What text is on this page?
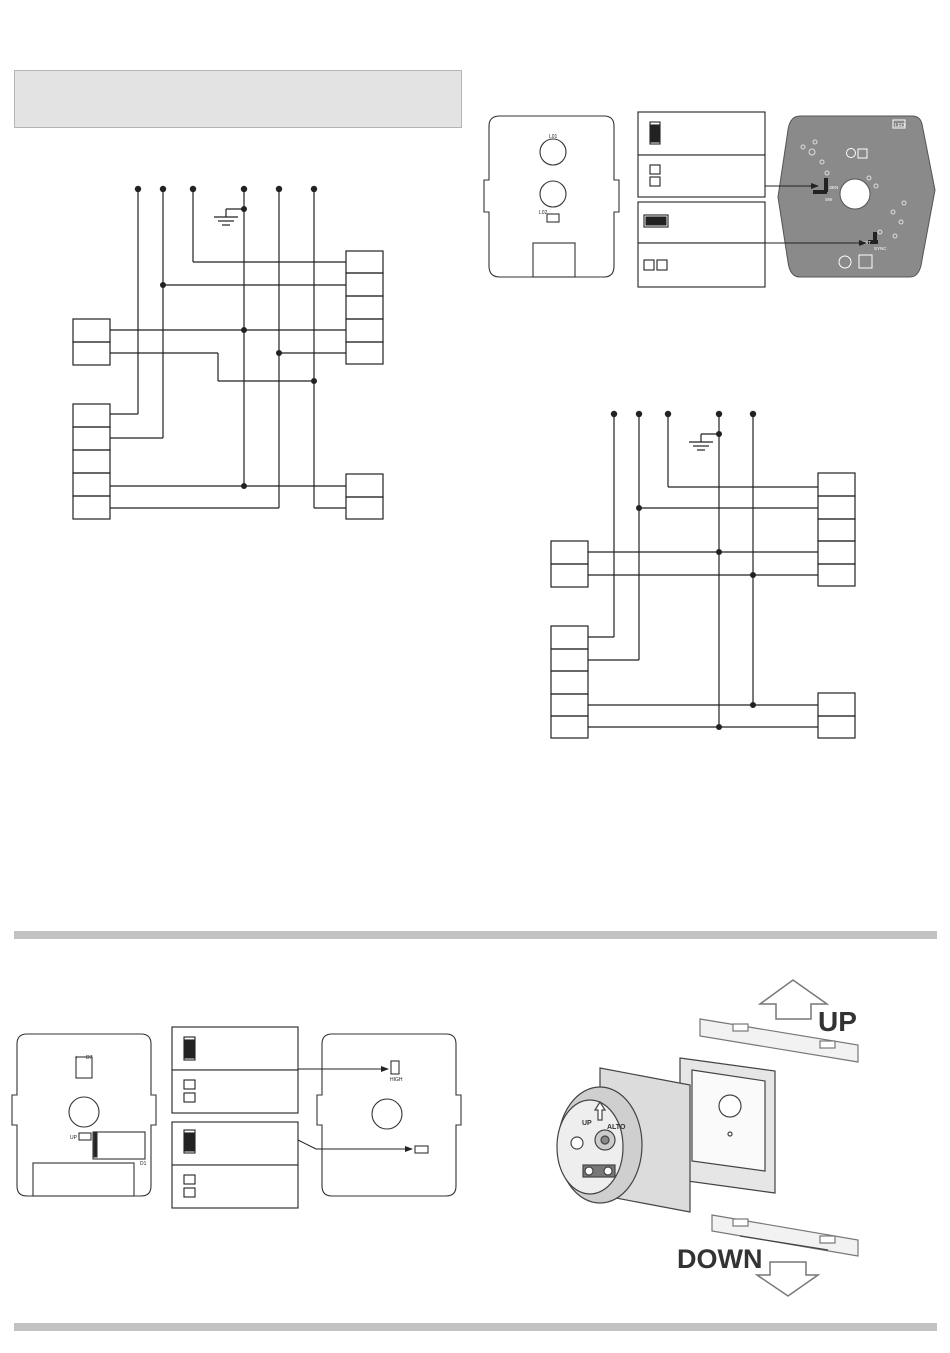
L01
L02
LED
SEN
SW
EXT
SYNC
+ D7
UP
D1
HIGH
UP
UP
ALTO
DOWN
